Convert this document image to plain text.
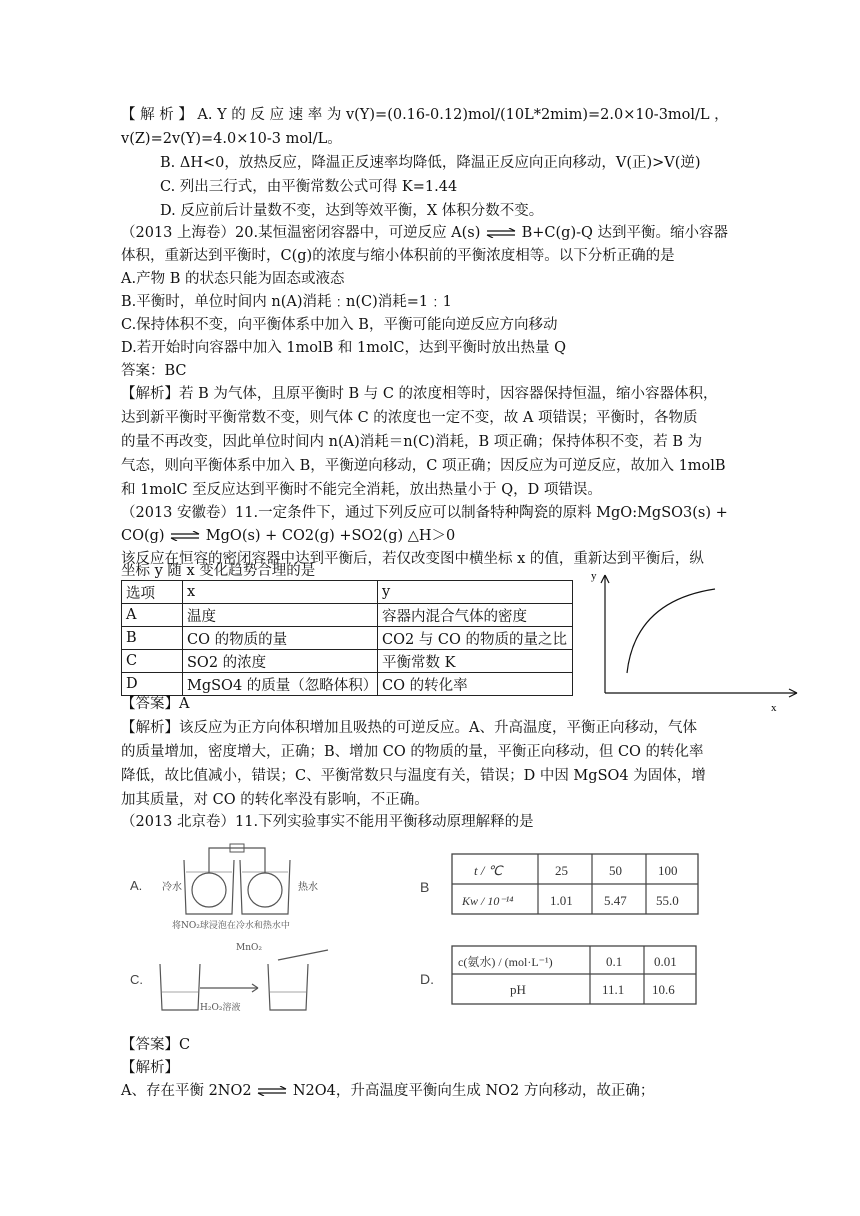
【 解 析 】 A. Y 的 反 应 速 率 为 v(Y)=(0.16-0.12)mol/(10L*2mim)=2.0×10-3mol/L ，
v(Z)=2v(Y)=4.0×10-3 mol/L。
B. ΔH<0，放热反应，降温正反速率均降低，降温正反应向正向移动，V(正)>V(逆)
C. 列出三行式，由平衡常数公式可得 K=1.44
D. 反应前后计量数不变，达到等效平衡，X 体积分数不变。
（2013 上海卷）20.某恒温密闭容器中，可逆反应 A(s) ⇌ B+C(g)-Q 达到平衡。缩小容器
体积，重新达到平衡时，C(g)的浓度与缩小体积前的平衡浓度相等。以下分析正确的是
A.产物 B 的状态只能为固态或液态
B.平衡时，单位时间内 n(A)消耗﹕n(C)消耗=1﹕1
C.保持体积不变，向平衡体系中加入 B，平衡可能向逆反应方向移动
D.若开始时向容器中加入 1molB 和 1molC，达到平衡时放出热量 Q
答案：BC
【解析】若 B 为气体，且原平衡时 B 与 C 的浓度相等时，因容器保持恒温，缩小容器体积，
达到新平衡时平衡常数不变，则气体 C 的浓度也一定不变，故 A 项错误；平衡时，各物质
的量不再改变，因此单位时间内 n(A)消耗＝n(C)消耗，B 项正确；保持体积不变，若 B 为
气态，则向平衡体系中加入 B，平衡逆向移动，C 项正确；因反应为可逆反应，故加入 1molB
和 1molC 至反应达到平衡时不能完全消耗，放出热量小于 Q，D 项错误。
（2013 安徽卷）11.一定条件下，通过下列反应可以制备特种陶瓷的原料 MgO:MgSO3(s) +
CO(g) ⇌ MgO(s) + CO2(g) +SO2(g) △H＞0
该反应在恒容的密闭容器中达到平衡后，若仅改变图中横坐标 x 的值，重新达到平衡后，纵
坐标 y 随 x 变化趋势合理的是
选项	x	y
A	温度	容器内混合气体的密度
B	CO 的物质的量	CO2 与 CO 的物质的量之比
C	SO2 的浓度	平衡常数 K
D	MgSO4 的质量（忽略体积）	CO 的转化率
y
x
【答案】A
【解析】该反应为正方向体积增加且吸热的可逆反应。A、升高温度，平衡正向移动，气体
的质量增加，密度增大，正确；B、增加 CO 的物质的量，平衡正向移动，但 CO 的转化率
降低，故比值减小，错误；C、平衡常数只与温度有关，错误；D 中因 MgSO4 为固体，增
加其质量，对 CO 的转化率没有影响，不正确。
（2013 北京卷）11.下列实验事实不能用平衡移动原理解释的是
A. 冷水	热水
将NO₂球浸泡在冷水和热水中
B
t / ℃	25	50	100
Kw / 10⁻¹⁴	1.01 5.47 55.0
C.
MnO₂
H₂O₂溶液
D.
c(氨水) / (mol·L⁻¹)	0.1 0.01
pH	11.1 10.6
【答案】C
【解析】
A、存在平衡 2NO2 ⇌ N2O4，升高温度平衡向生成 NO2 方向移动，故正确；
